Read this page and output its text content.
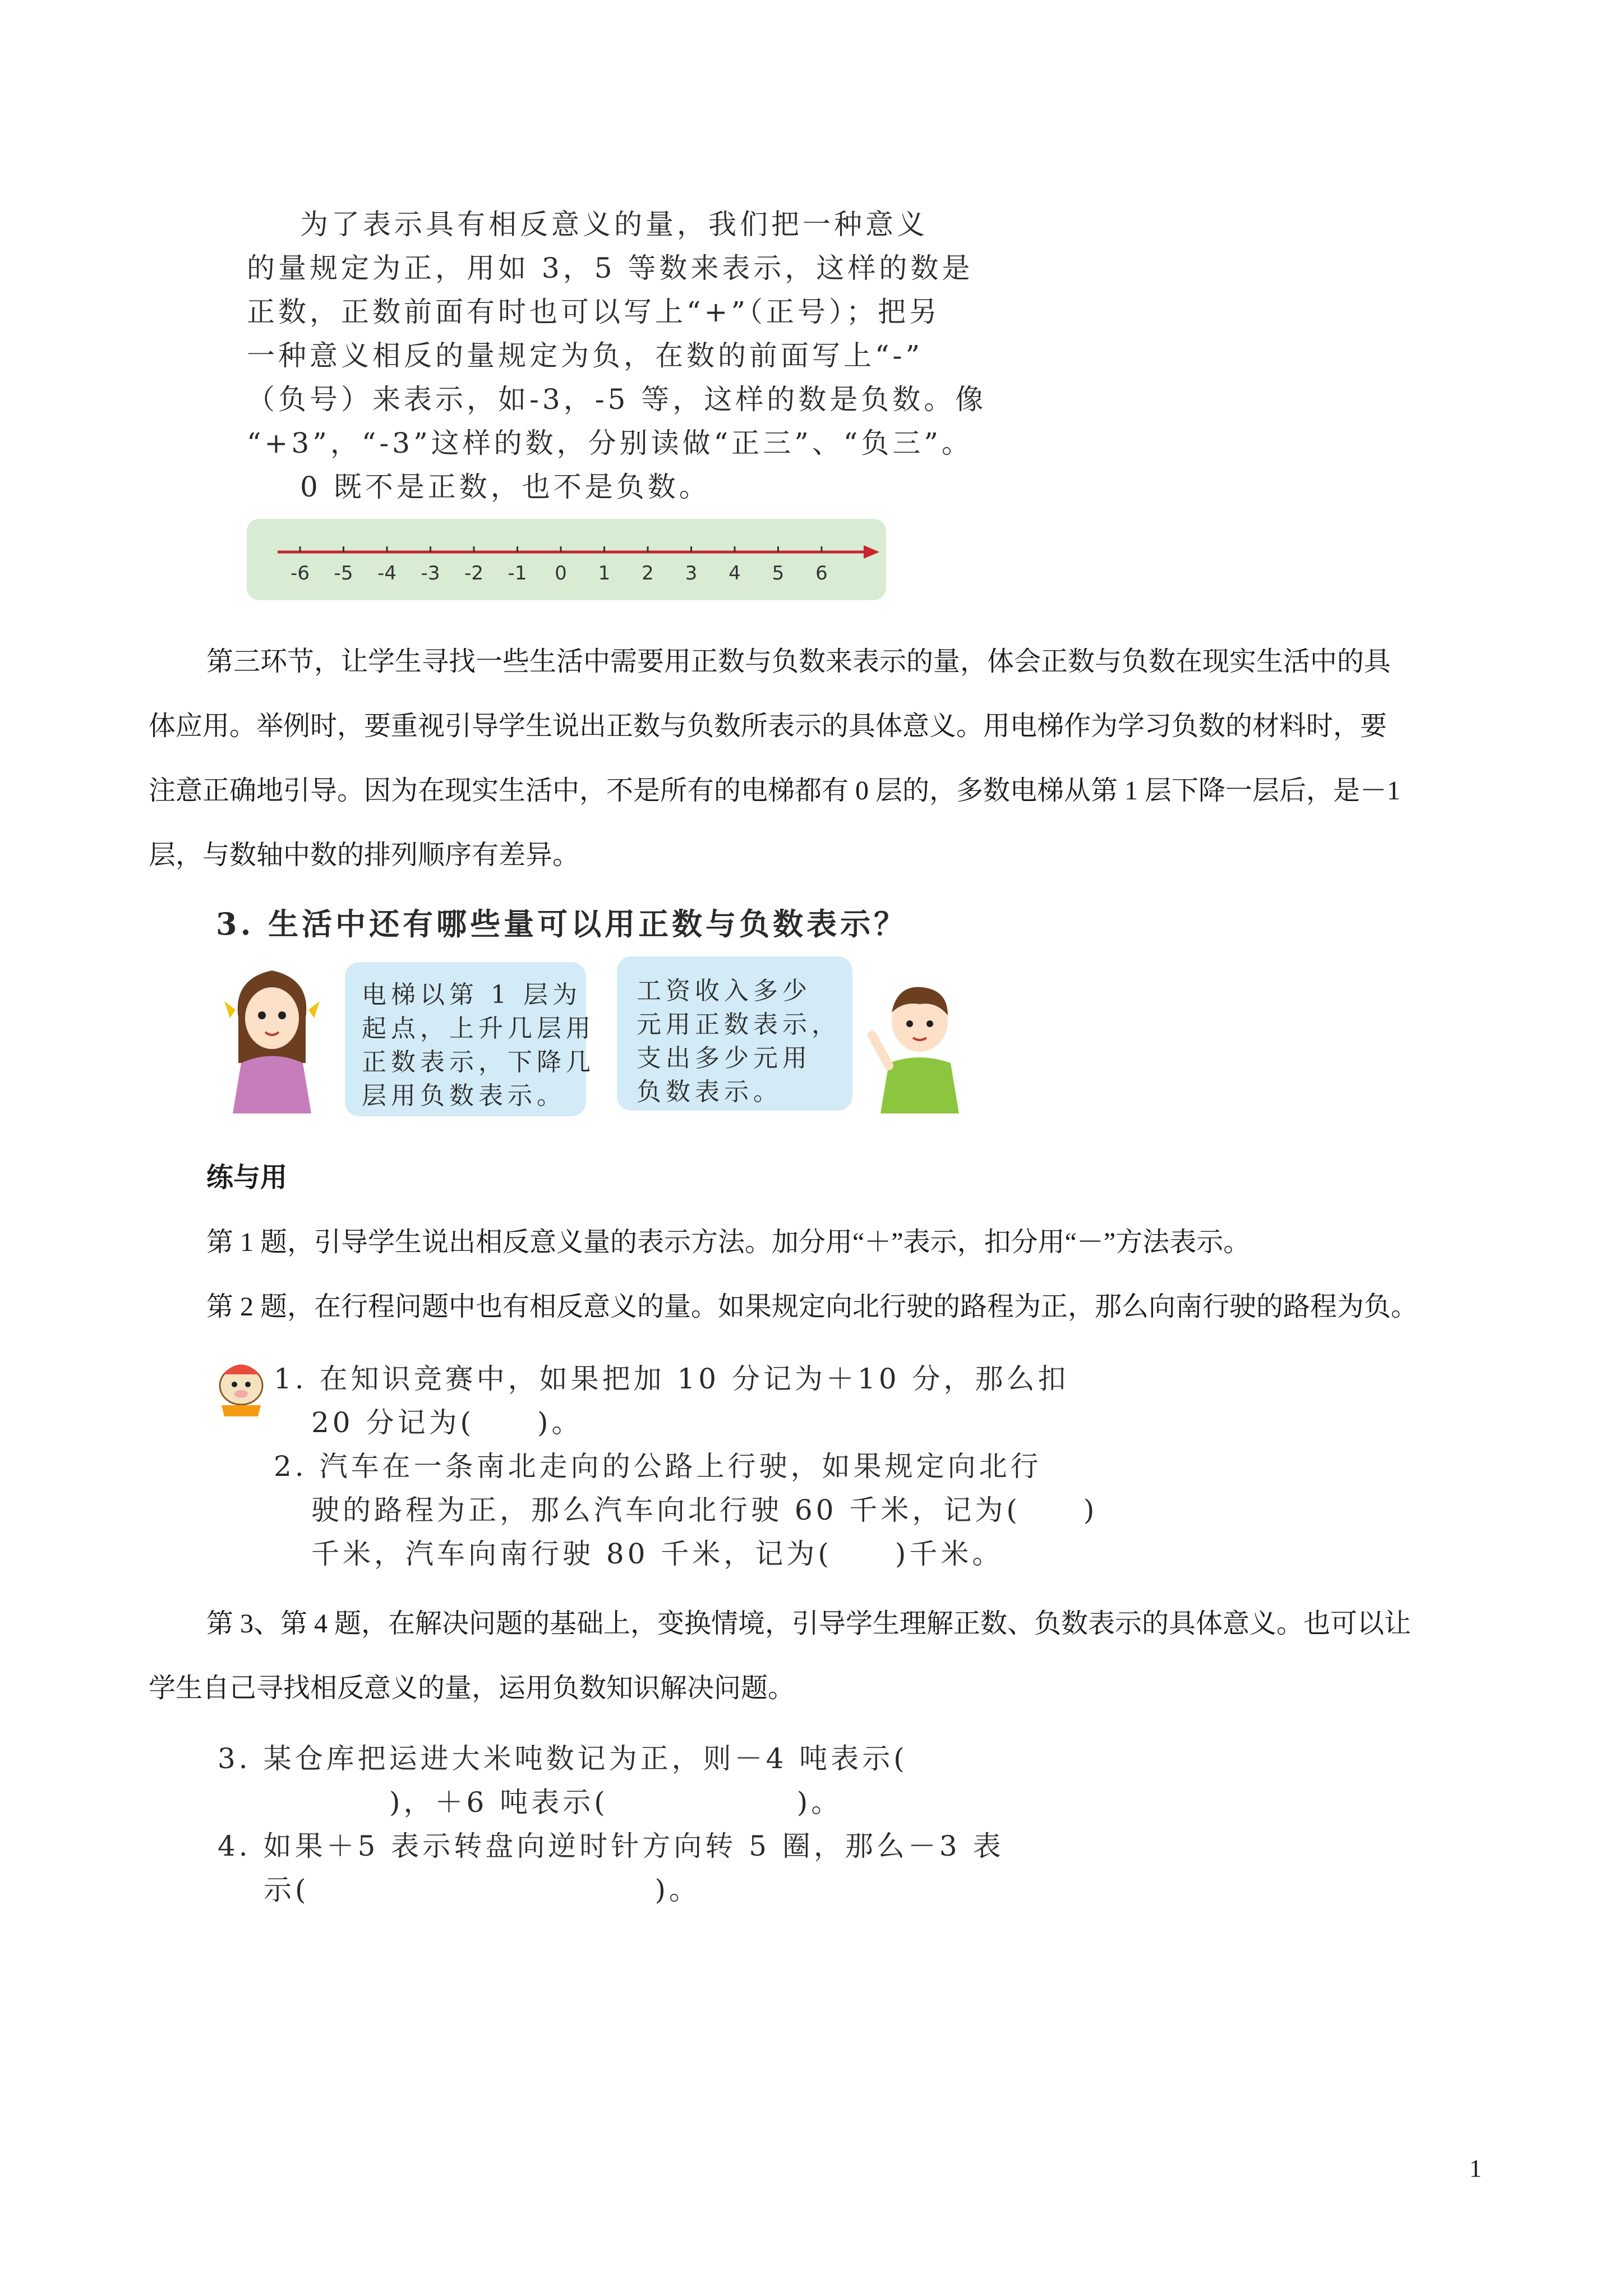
为了表示具有相反意义的量，我们把一种意义
的量规定为正，用如 3，5 等数来表示，这样的数是
正数，正数前面有时也可以写上“+”（正号）；把另
一种意义相反的量规定为负，在数的前面写上“-”
（负号）来表示，如-3，-5 等，这样的数是负数。像
“+3”，“-3”这样的数，分别读做“正三”、“负三”。
0 既不是正数，也不是负数。
-6 -5 -4 -3 -2 -1 0 1 2 3 4 5 6
第三环节，让学生寻找一些生活中需要用正数与负数来表示的量，体会正数与负数在现实生活中的具
体应用。举例时，要重视引导学生说出正数与负数所表示的具体意义。用电梯作为学习负数的材料时，要
注意正确地引导。因为在现实生活中，不是所有的电梯都有 0 层的，多数电梯从第 1 层下降一层后，是－1
层，与数轴中数的排列顺序有差异。
3. 生活中还有哪些量可以用正数与负数表示？
电梯以第 1 层为
起点，上升几层用
正数表示，下降几
层用负数表示。
工资收入多少
元用正数表示，
支出多少元用
负数表示。
练与用
第 1 题，引导学生说出相反意义量的表示方法。加分用“＋”表示，扣分用“－”方法表示。
第 2 题，在行程问题中也有相反意义的量。如果规定向北行驶的路程为正，那么向南行驶的路程为负。
1. 在知识竞赛中，如果把加 10 分记为＋10 分，那么扣
20 分记为(　　)。
2. 汽车在一条南北走向的公路上行驶，如果规定向北行
驶的路程为正，那么汽车向北行驶 60 千米，记为(　　)
千米，汽车向南行驶 80 千米，记为(　　)千米。
第 3、第 4 题，在解决问题的基础上，变换情境，引导学生理解正数、负数表示的具体意义。也可以让
学生自己寻找相反意义的量，运用负数知识解决问题。
3. 某仓库把运进大米吨数记为正，则－4 吨表示(
　　　　)，＋6 吨表示(　　　　　　)。
4. 如果＋5 表示转盘向逆时针方向转 5 圈，那么－3 表
示(　　　　　　　　　　　)。
1
